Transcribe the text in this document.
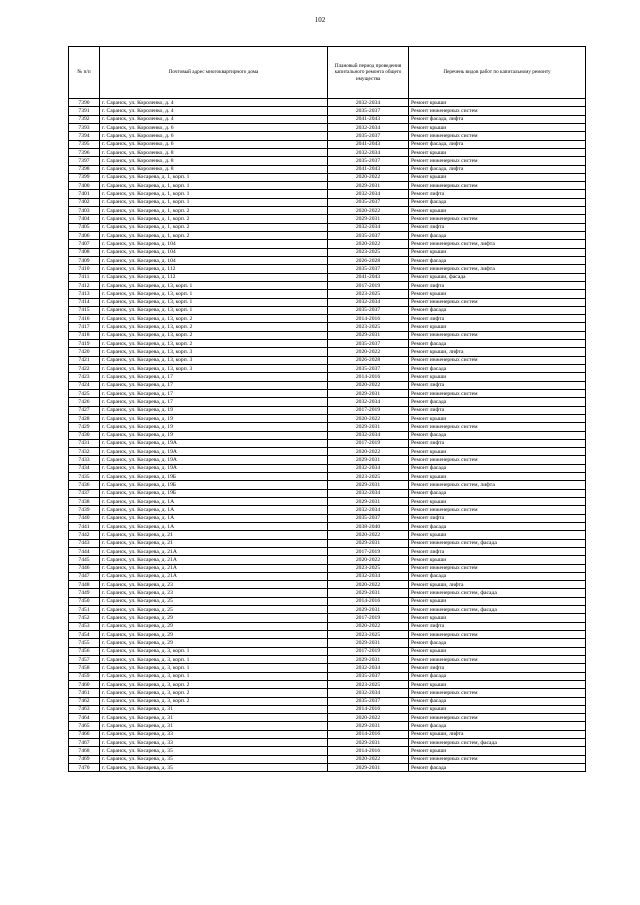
102
№ п/п	Почтовый адрес многоквартирного дома	Плановый период проведения капитального ремонта общего имущества	Перечень видов работ по капитальному ремонту
7390	г. Саранск, ул. Короленко, д. 4	2032-2034	Ремонт крыши
7391	г. Саранск, ул. Короленко, д. 4	2035-2037	Ремонт инженерных систем
7392	г. Саранск, ул. Короленко, д. 4	2041-2043	Ремонт фасада, лифта
7393	г. Саранск, ул. Короленко, д. 6	2032-2034	Ремонт крыши
7394	г. Саранск, ул. Короленко, д. 6	2035-2037	Ремонт инженерных систем
7395	г. Саранск, ул. Короленко, д. 6	2041-2043	Ремонт фасада, лифта
7396	г. Саранск, ул. Короленко, д. 8	2032-2034	Ремонт крыши
7397	г. Саранск, ул. Короленко, д. 8	2035-2037	Ремонт инженерных систем
7398	г. Саранск, ул. Короленко, д. 8	2041-2043	Ремонт фасада, лифта
7399	г. Саранск, ул. Косарева, д. 1, корп. 1	2020-2022	Ремонт крыши
7400	г. Саранск, ул. Косарева, д. 1, корп. 1	2029-2031	Ремонт инженерных систем
7401	г. Саранск, ул. Косарева, д. 1, корп. 1	2032-2034	Ремонт лифта
7402	г. Саранск, ул. Косарева, д. 1, корп. 1	2035-2037	Ремонт фасада
7403	г. Саранск, ул. Косарева, д. 1, корп. 2	2020-2022	Ремонт крыши
7404	г. Саранск, ул. Косарева, д. 1, корп. 2	2029-2031	Ремонт инженерных систем
7405	г. Саранск, ул. Косарева, д. 1, корп. 2	2032-2034	Ремонт лифта
7406	г. Саранск, ул. Косарева, д. 1, корп. 2	2035-2037	Ремонт фасада
7407	г. Саранск, ул. Косарева, д. 104	2020-2022	Ремонт инженерных систем, лифта
7408	г. Саранск, ул. Косарева, д. 104	2023-2025	Ремонт крыши
7409	г. Саранск, ул. Косарева, д. 104	2026-2028	Ремонт фасада
7410	г. Саранск, ул. Косарева, д. 112	2035-2037	Ремонт инженерных систем, лифта
7411	г. Саранск, ул. Косарева, д. 112	2041-2043	Ремонт крыши, фасада
7412	г. Саранск, ул. Косарева, д. 13, корп. 1	2017-2019	Ремонт лифта
7413	г. Саранск, ул. Косарева, д. 13, корп. 1	2023-2025	Ремонт крыши
7414	г. Саранск, ул. Косарева, д. 13, корп. 1	2032-2034	Ремонт инженерных систем
7415	г. Саранск, ул. Косарева, д. 13, корп. 1	2035-2037	Ремонт фасада
7416	г. Саранск, ул. Косарева, д. 13, корп. 2	2014-2016	Ремонт лифта
7417	г. Саранск, ул. Косарева, д. 13, корп. 2	2023-2025	Ремонт крыши
7418	г. Саранск, ул. Косарева, д. 13, корп. 2	2029-2031	Ремонт инженерных систем
7419	г. Саранск, ул. Косарева, д. 13, корп. 2	2035-2037	Ремонт фасада
7420	г. Саранск, ул. Косарева, д. 13, корп. 3	2020-2022	Ремонт крыши, лифта
7421	г. Саранск, ул. Косарева, д. 13, корп. 3	2026-2028	Ремонт инженерных систем
7422	г. Саранск, ул. Косарева, д. 13, корп. 3	2035-2037	Ремонт фасада
7423	г. Саранск, ул. Косарева, д. 17	2014-2016	Ремонт крыши
7424	г. Саранск, ул. Косарева, д. 17	2020-2022	Ремонт лифта
7425	г. Саранск, ул. Косарева, д. 17	2029-2031	Ремонт инженерных систем
7426	г. Саранск, ул. Косарева, д. 17	2032-2034	Ремонт фасада
7427	г. Саранск, ул. Косарева, д. 19	2017-2019	Ремонт лифта
7428	г. Саранск, ул. Косарева, д. 19	2020-2022	Ремонт крыши
7429	г. Саранск, ул. Косарева, д. 19	2029-2031	Ремонт инженерных систем
7430	г. Саранск, ул. Косарева, д. 19	2032-2034	Ремонт фасада
7431	г. Саранск, ул. Косарева, д. 19А	2017-2019	Ремонт лифта
7432	г. Саранск, ул. Косарева, д. 19А	2020-2022	Ремонт крыши
7433	г. Саранск, ул. Косарева, д. 19А	2029-2031	Ремонт инженерных систем
7434	г. Саранск, ул. Косарева, д. 19А	2032-2034	Ремонт фасада
7435	г. Саранск, ул. Косарева, д. 19Б	2023-2025	Ремонт крыши
7436	г. Саранск, ул. Косарева, д. 19Б	2029-2031	Ремонт инженерных систем, лифта
7437	г. Саранск, ул. Косарева, д. 19Б	2032-2034	Ремонт фасада
7438	г. Саранск, ул. Косарева, д. 1А	2029-2031	Ремонт крыши
7439	г. Саранск, ул. Косарева, д. 1А	2032-2034	Ремонт инженерных систем
7440	г. Саранск, ул. Косарева, д. 1А	2035-2037	Ремонт лифта
7441	г. Саранск, ул. Косарева, д. 1А	2038-2040	Ремонт фасада
7442	г. Саранск, ул. Косарева, д. 21	2020-2022	Ремонт крыши
7443	г. Саранск, ул. Косарева, д. 21	2029-2031	Ремонт инженерных систем, фасада
7444	г. Саранск, ул. Косарева, д. 21А	2017-2019	Ремонт лифта
7445	г. Саранск, ул. Косарева, д. 21А	2020-2022	Ремонт крыши
7446	г. Саранск, ул. Косарева, д. 21А	2023-2025	Ремонт инженерных систем
7447	г. Саранск, ул. Косарева, д. 21А	2032-2034	Ремонт фасада
7448	г. Саранск, ул. Косарева, д. 23	2020-2022	Ремонт крыши, лифта
7449	г. Саранск, ул. Косарева, д. 23	2029-2031	Ремонт инженерных систем, фасада
7450	г. Саранск, ул. Косарева, д. 25	2014-2016	Ремонт крыши
7451	г. Саранск, ул. Косарева, д. 25	2029-2031	Ремонт инженерных систем, фасада
7452	г. Саранск, ул. Косарева, д. 29	2017-2019	Ремонт крыши
7453	г. Саранск, ул. Косарева, д. 29	2020-2022	Ремонт лифта
7454	г. Саранск, ул. Косарева, д. 29	2023-2025	Ремонт инженерных систем
7455	г. Саранск, ул. Косарева, д. 29	2029-2031	Ремонт фасада
7456	г. Саранск, ул. Косарева, д. 3, корп. 1	2017-2019	Ремонт крыши
7457	г. Саранск, ул. Косарева, д. 3, корп. 1	2029-2031	Ремонт инженерных систем
7458	г. Саранск, ул. Косарева, д. 3, корп. 1	2032-2034	Ремонт лифта
7459	г. Саранск, ул. Косарева, д. 3, корп. 1	2035-2037	Ремонт фасада
7460	г. Саранск, ул. Косарева, д. 3, корп. 2	2023-2025	Ремонт крыши
7461	г. Саранск, ул. Косарева, д. 3, корп. 2	2032-2034	Ремонт инженерных систем
7462	г. Саранск, ул. Косарева, д. 3, корп. 2	2035-2037	Ремонт фасада
7463	г. Саранск, ул. Косарева, д. 31	2014-2016	Ремонт крыши
7464	г. Саранск, ул. Косарева, д. 31	2020-2022	Ремонт инженерных систем
7465	г. Саранск, ул. Косарева, д. 31	2029-2031	Ремонт фасада
7466	г. Саранск, ул. Косарева, д. 33	2014-2016	Ремонт крыши, лифта
7467	г. Саранск, ул. Косарева, д. 33	2029-2031	Ремонт инженерных систем, фасада
7468	г. Саранск, ул. Косарева, д. 35	2014-2016	Ремонт крыши
7469	г. Саранск, ул. Косарева, д. 35	2020-2022	Ремонт инженерных систем
7470	г. Саранск, ул. Косарева, д. 35	2029-2031	Ремонт фасада
